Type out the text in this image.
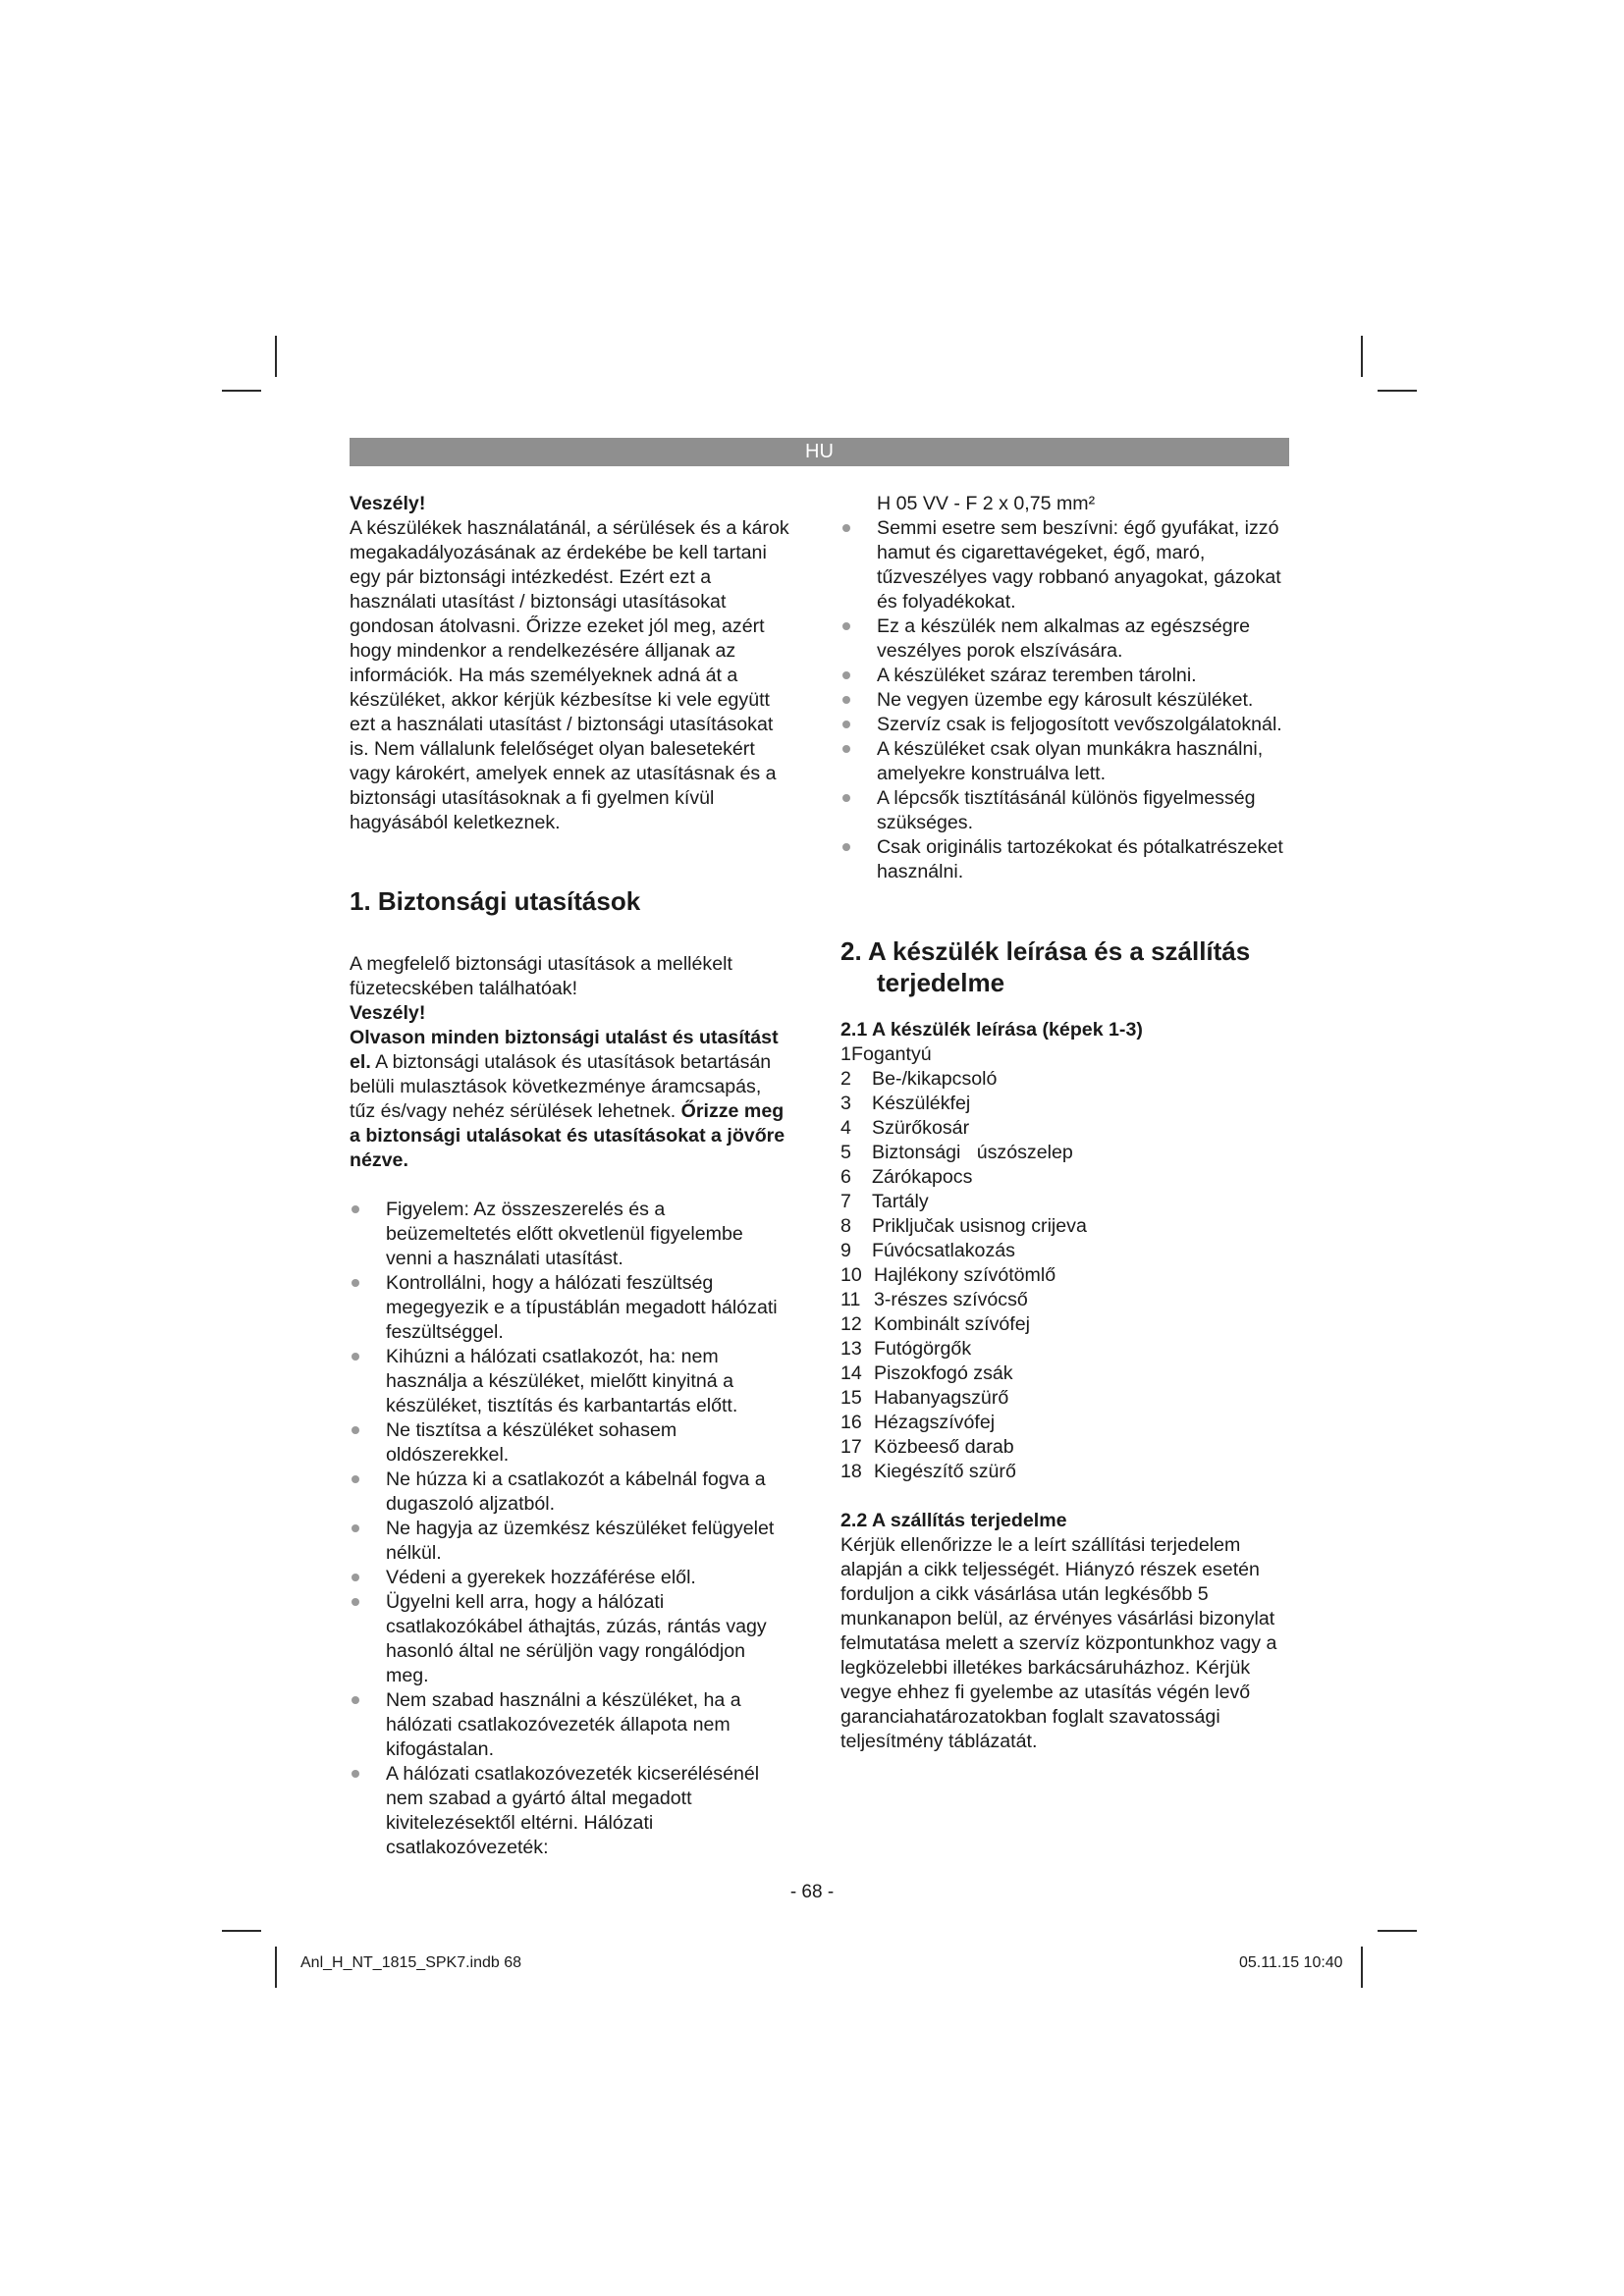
HU

Veszély!

A készülékek használatánál, a sérülések és a károk megakadályozásának az érdekébe be kell tartani egy pár biztonsági intézkedést. Ezért ezt a használati utasítást / biztonsági utasításokat gondosan átolvasni. Őrizze ezeket jól meg, azért hogy mindenkor a rendelkezésére álljanak az információk. Ha más személyeknek adná át a készüléket, akkor kérjük kézbesítse ki vele együtt ezt a használati utasítást / biztonsági utasításokat is. Nem vállalunk felelőséget olyan balesetekért vagy károkért, amelyek ennek az utasításnak és a biztonsági utasításoknak a fi gyelmen kívül hagyásából keletkeznek.

1. Biztonsági utasítások

A megfelelő biztonsági utasítások a mellékelt füzetecskében találhatóak!

Veszély!

Olvason minden biztonsági utalást és utasítást el. A biztonsági utalások és utasítások betartásán belüli mulasztások következménye áramcsapás, tűz és/vagy nehéz sérülések lehetnek. Őrizze meg a biztonsági utalásokat és utasításokat a jövőre nézve.

Figyelem: Az összeszerelés és a beüzemeltetés előtt okvetlenül figyelembe venni a használati utasítást.
Kontrollálni, hogy a hálózati feszültség megegyezik e a típustáblán megadott hálózati feszültséggel.
Kihúzni a hálózati csatlakozót, ha: nem használja a készüléket, mielőtt kinyitná a készüléket, tisztítás és karbantartás előtt.
Ne tisztítsa a készüléket sohasem oldószerekkel.
Ne húzza ki a csatlakozót a kábelnál fogva a dugaszoló aljzatból.
Ne hagyja az üzemkész készüléket felügyelet nélkül.
Védeni a gyerekek hozzáférése elől.
Ügyelni kell arra, hogy a hálózati csatlakozókábel áthajtás, zúzás, rántás vagy hasonló által ne sérüljön vagy rongálódjon meg.
Nem szabad használni a készüléket, ha a hálózati csatlakozóvezeték állapota nem kifogástalan.
A hálózati csatlakozóvezeték kicserélésénél nem szabad a gyártó által megadott kivitelezésektől eltérni. Hálózati csatlakozóvezeték:

H 05 VV - F 2 x 0,75 mm²

Semmi esetre sem beszívni: égő gyufákat, izzó hamut és cigarettavégeket, égő, maró, tűzveszélyes vagy robbanó anyagokat, gázokat és folyadékokat.
Ez a készülék nem alkalmas az egészségre veszélyes porok elszívására.
A készüléket száraz teremben tárolni.
Ne vegyen üzembe egy károsult készüléket.
Szervíz csak is feljogosított vevőszolgálatoknál.
A készüléket csak olyan munkákra használni, amelyekre konstruálva lett.
A lépcsők tisztításánál különös figyelmesség szükséges.
Csak originális tartozékokat és pótalkatrészeket használni.

2. A készülék leírása és a szállítás

terjedelme

2.1 A készülék leírása (képek 1-3)

1 Fogantyú
2	Be-/kikapcsoló
3	Készülékfej
4	Szürőkosár
5	Biztonsági   úszószelep
6	Zárókapocs
7	Tartály
8	Priključak usisnog crijeva
9	Fúvócsatlakozás
10 Hajlékony szívótömlő
11 3-részes szívócső
12 Kombinált szívófej
13 Futógörgők
14 Piszokfogó zsák
15 Habanyagszürő
16 Hézagszívófej
17 Közbeeső darab
18 Kiegészítő szürő

2.2 A szállítás terjedelme

Kérjük ellenőrizze le a leírt szállítási terjedelem alapján a cikk teljességét. Hiányzó részek esetén forduljon a cikk vásárlása után legkésőbb 5 munkanapon belül, az érvényes vásárlási bizonylat felmutatása melett a szervíz központunkhoz vagy a legközelebbi illetékes barkácsáruházhoz. Kérjük vegye ehhez fi gyelembe az utasítás végén levő garanciahatározatokban foglalt szavatossági teljesítmény táblázatát.

- 68 -
Anl_H_NT_1815_SPK7.indb 68	05.11.15 10:40
